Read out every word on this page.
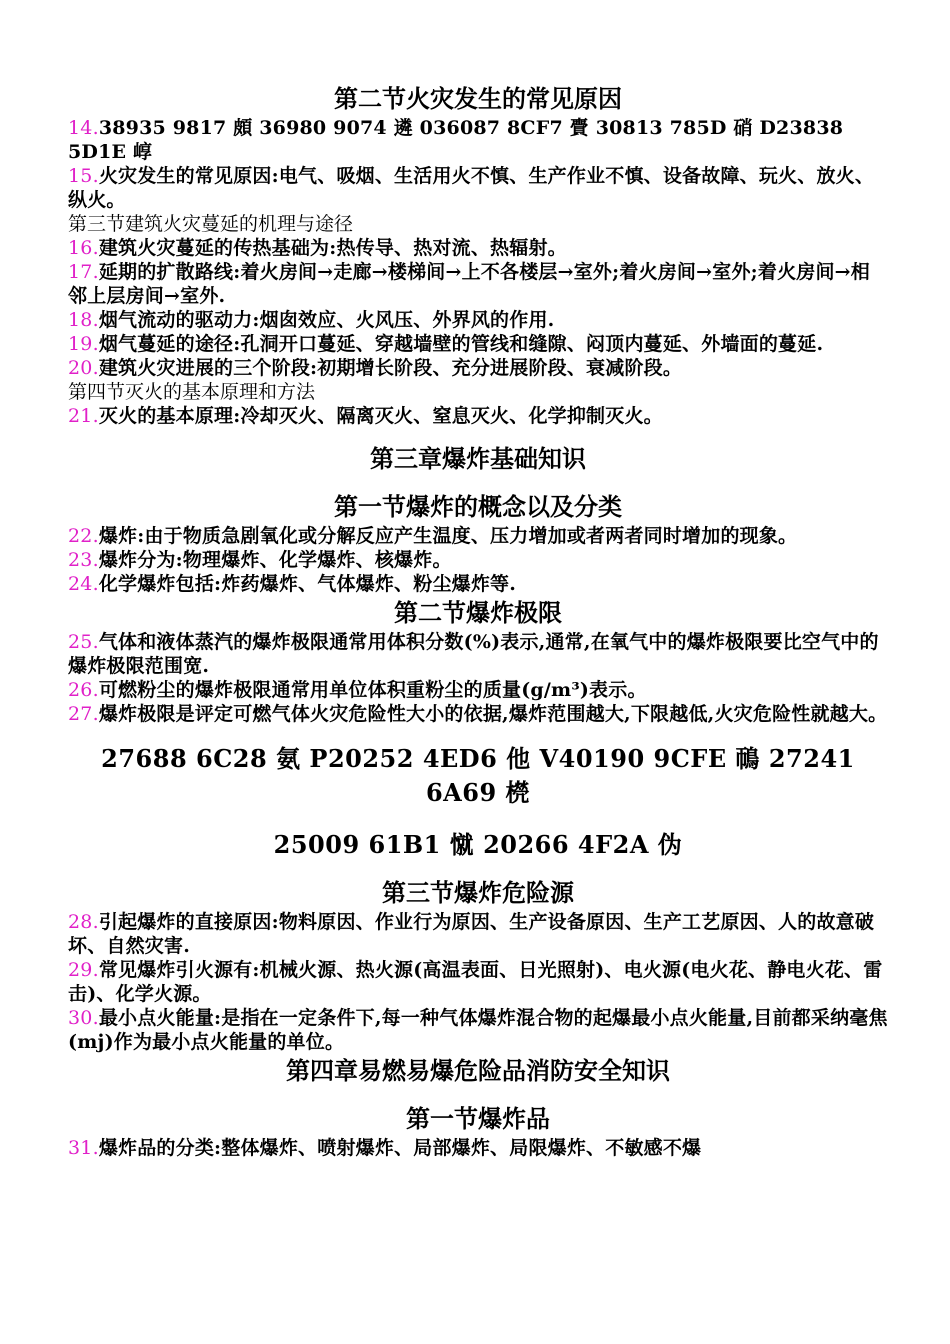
第二节火灾发生的常见原因

14.38935 9817 頗 36980 9074 遴 036087 8CF7 賷 30813 785D 硝 D23838 5D1E 崞

15.火灾发生的常见原因:电气、吸烟、生活用火不慎、生产作业不慎、设备故障、玩火、放火、纵火。

第三节建筑火灾蔓延的机理与途径

16.建筑火灾蔓延的传热基础为:热传导、热对流、热辐射。

17.延期的扩散路线:着火房间→走廊→楼梯间→上不各楼层→室外;着火房间→室外;着火房间→相邻上层房间→室外.

18.烟气流动的驱动力:烟囱效应、火风压、外界风的作用.

19.烟气蔓延的途径:孔洞开口蔓延、穿越墙壁的管线和缝隙、闷顶内蔓延、外墙面的蔓延.

20.建筑火灾进展的三个阶段:初期增长阶段、充分进展阶段、衰减阶段。

第四节灭火的基本原理和方法

21.灭火的基本原理:冷却灭火、隔离灭火、窒息灭火、化学抑制灭火。

第三章爆炸基础知识

第一节爆炸的概念以及分类

22.爆炸:由于物质急剧氧化或分解反应产生温度、压力增加或者两者同时增加的现象。

23.爆炸分为:物理爆炸、化学爆炸、核爆炸。

24.化学爆炸包括:炸药爆炸、气体爆炸、粉尘爆炸等.

第二节爆炸极限

25.气体和液体蒸汽的爆炸极限通常用体积分数(%)表示,通常,在氧气中的爆炸极限要比空气中的爆炸极限范围宽.

26.可燃粉尘的爆炸极限通常用单位体积重粉尘的质量(g/m³)表示。

27.爆炸极限是评定可燃气体火灾危险性大小的依据,爆炸范围越大,下限越低,火灾危险性就越大。

27688 6C28 氨 P20252 4ED6 他 V40190 9CFE 鳾 27241 6A69 橩

25009 61B1 憱 20266 4F2A 伪

第三节爆炸危险源

28.引起爆炸的直接原因:物料原因、作业行为原因、生产设备原因、生产工艺原因、人的故意破坏、自然灾害.

29.常见爆炸引火源有:机械火源、热火源(高温表面、日光照射)、电火源(电火花、静电火花、雷击)、化学火源。

30.最小点火能量:是指在一定条件下,每一种气体爆炸混合物的起爆最小点火能量,目前都采纳毫焦(mj)作为最小点火能量的单位。

第四章易燃易爆危险品消防安全知识

第一节爆炸品

31.爆炸品的分类:整体爆炸、喷射爆炸、局部爆炸、局限爆炸、不敏感不爆
